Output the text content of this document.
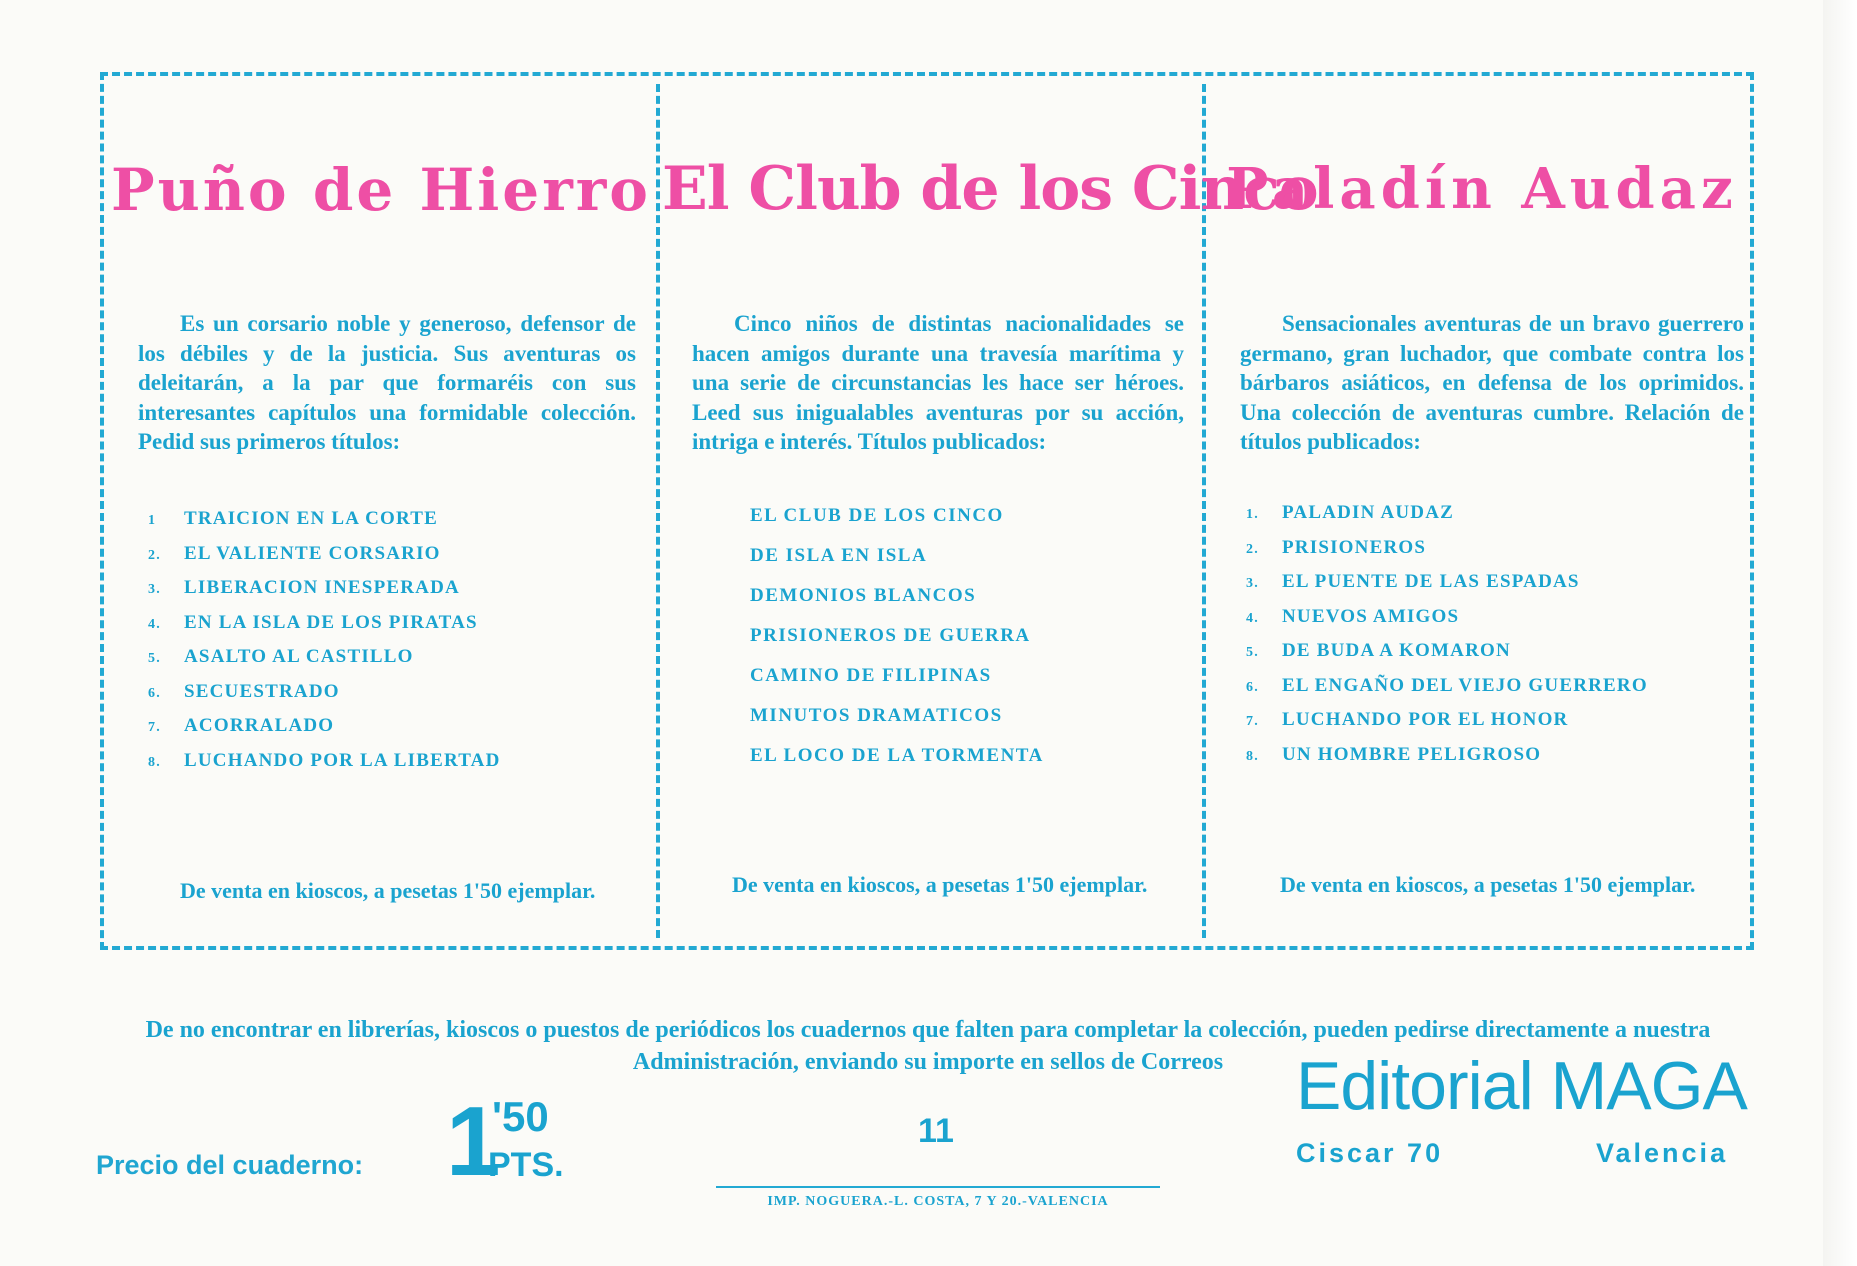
Puño de Hierro

Es un corsario noble y generoso, defensor de los débiles y de la justicia. Sus aventuras os deleitarán, a la par que formaréis con sus interesantes capítulos una formidable colección. Pedid sus primeros títulos:

1 TRAICION EN LA CORTE
2. EL VALIENTE CORSARIO
3. LIBERACION INESPERADA
4. EN LA ISLA DE LOS PIRATAS
5. ASALTO AL CASTILLO
6. SECUESTRADO
7. ACORRALADO
8. LUCHANDO POR LA LIBERTAD

De venta en kioscos, a pesetas 1'50 ejemplar.

El Club de los Cinco

Cinco niños de distintas nacionalidades se hacen amigos durante una travesía marítima y una serie de circunstancias les hace ser héroes. Leed sus inigualables aventuras por su acción, intriga e interés. Títulos publicados:

EL CLUB DE LOS CINCO
DE ISLA EN ISLA
DEMONIOS BLANCOS
PRISIONEROS DE GUERRA
CAMINO DE FILIPINAS
MINUTOS DRAMATICOS
EL LOCO DE LA TORMENTA

De venta en kioscos, a pesetas 1'50 ejemplar.

Paladín Audaz

Sensacionales aventuras de un bravo guerrero germano, gran luchador, que combate contra los bárbaros asiáticos, en defensa de los oprimidos. Una colección de aventuras cumbre. Relación de títulos publicados:

1. PALADIN AUDAZ
2. PRISIONEROS
3. EL PUENTE DE LAS ESPADAS
4. NUEVOS AMIGOS
5. DE BUDA A KOMARON
6. EL ENGAÑO DEL VIEJO GUERRERO
7. LUCHANDO POR EL HONOR
8. UN HOMBRE PELIGROSO

De venta en kioscos, a pesetas 1'50 ejemplar.

De no encontrar en librerías, kioscos o puestos de periódicos los cuadernos que falten para completar la colección, pueden pedirse directamente a nuestra Administración, enviando su importe en sellos de Correos

Precio del cuaderno: 1
'50
PTS.
11
IMP. NOGUERA.-L. COSTA, 7 Y 20.-VALENCIA
Editorial MAGA
Ciscar 70	Valencia
